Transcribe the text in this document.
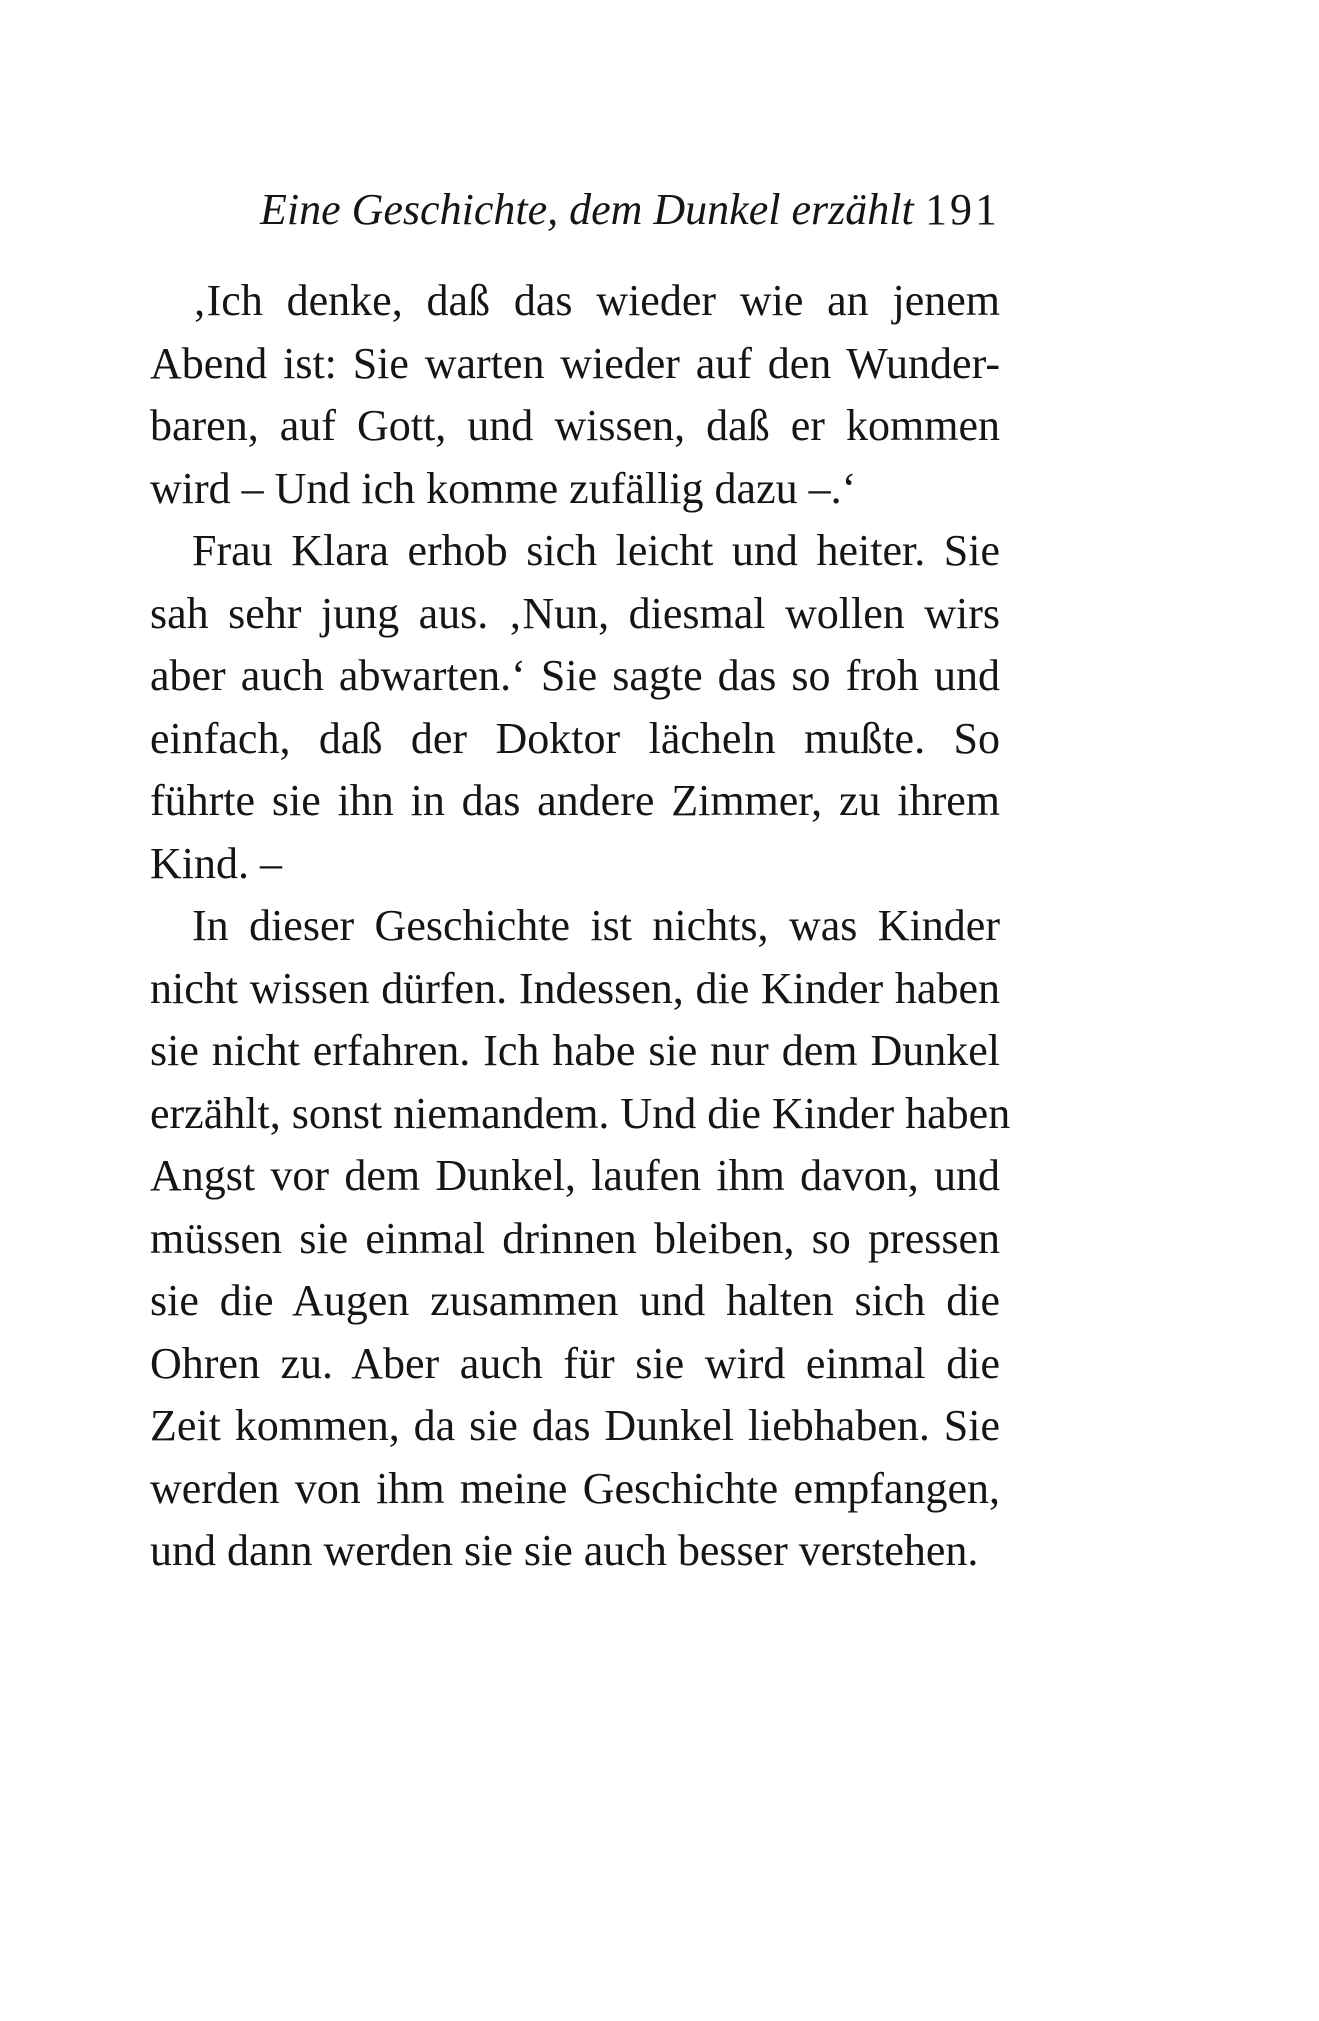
Eine Geschichte, dem Dunkel erzählt 191
‚Ich denke, daß das wieder wie an jenem
Abend ist: Sie warten wieder auf den Wunder-
baren, auf Gott, und wissen, daß er kommen
wird – Und ich komme zufällig dazu –.‘
Frau Klara erhob sich leicht und heiter. Sie
sah sehr jung aus. ‚Nun, diesmal wollen wirs
aber auch abwarten.‘ Sie sagte das so froh und
einfach, daß der Doktor lächeln mußte. So
führte sie ihn in das andere Zimmer, zu ihrem
Kind. –
In dieser Geschichte ist nichts, was Kinder
nicht wissen dürfen. Indessen, die Kinder haben
sie nicht erfahren. Ich habe sie nur dem Dunkel
erzählt, sonst niemandem. Und die Kinder haben
Angst vor dem Dunkel, laufen ihm davon, und
müssen sie einmal drinnen bleiben, so pressen
sie die Augen zusammen und halten sich die
Ohren zu. Aber auch für sie wird einmal die
Zeit kommen, da sie das Dunkel liebhaben. Sie
werden von ihm meine Geschichte empfangen,
und dann werden sie sie auch besser verstehen.
